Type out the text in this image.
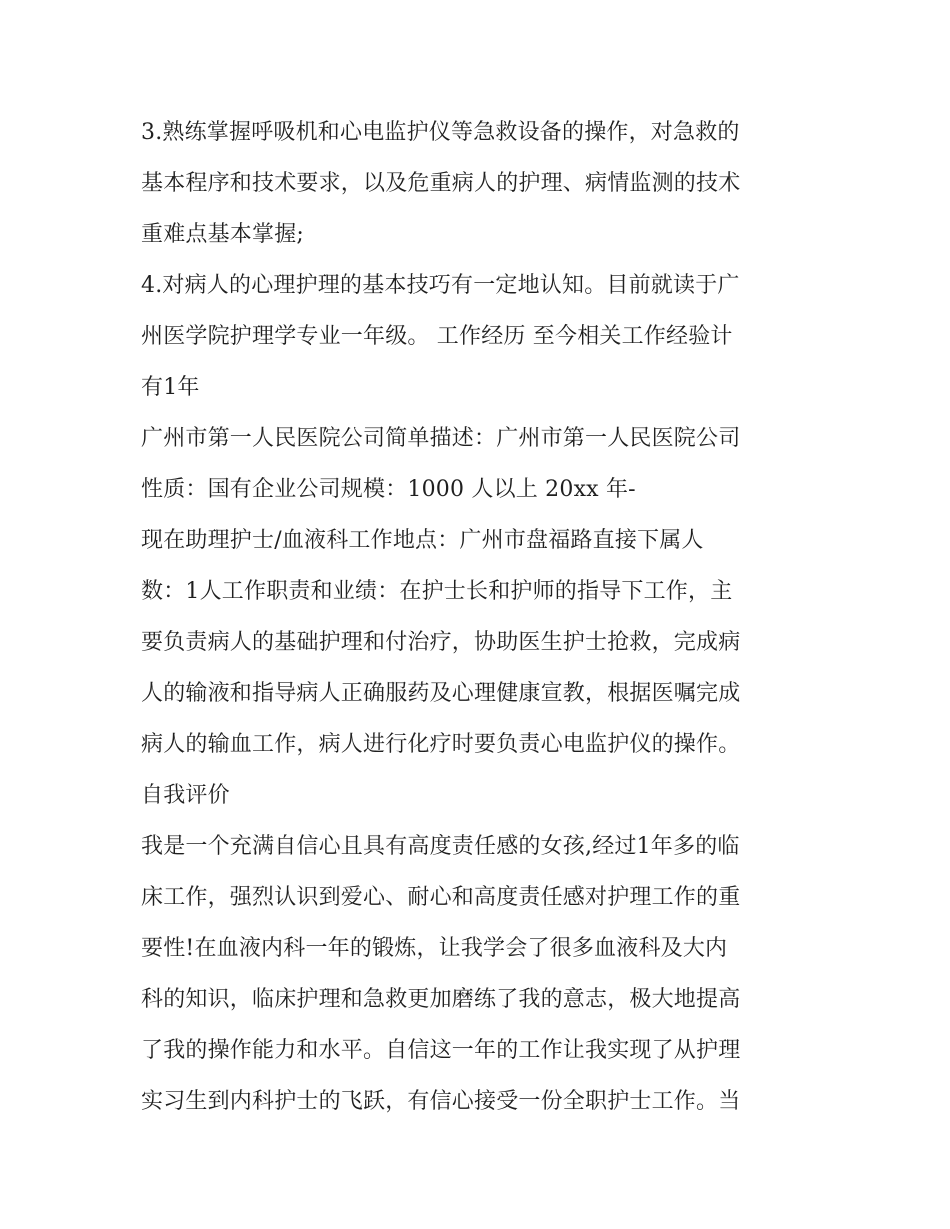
3.熟练掌握呼吸机和心电监护仪等急救设备的操作，对急救的
基本程序和技术要求，以及危重病人的护理、病情监测的技术
重难点基本掌握;
4.对病人的心理护理的基本技巧有一定地认知。目前就读于广
州医学院护理学专业一年级。 工作经历 至今相关工作经验计
有1年
广州市第一人民医院公司简单描述：广州市第一人民医院公司
性质：国有企业公司规模：1000 人以上 20xx 年-
现在助理护士/血液科工作地点：广州市盘福路直接下属人
数：1人工作职责和业绩：在护士长和护师的指导下工作，主
要负责病人的基础护理和付治疗，协助医生护士抢救，完成病
人的输液和指导病人正确服药及心理健康宣教，根据医嘱完成
病人的输血工作，病人进行化疗时要负责心电监护仪的操作。
自我评价
我是一个充满自信心且具有高度责任感的女孩,经过1年多的临
床工作，强烈认识到爱心、耐心和高度责任感对护理工作的重
要性!在血液内科一年的锻炼，让我学会了很多血液科及大内
科的知识，临床护理和急救更加磨练了我的意志，极大地提高
了我的操作能力和水平。自信这一年的工作让我实现了从护理
实习生到内科护士的飞跃，有信心接受一份全职护士工作。当
